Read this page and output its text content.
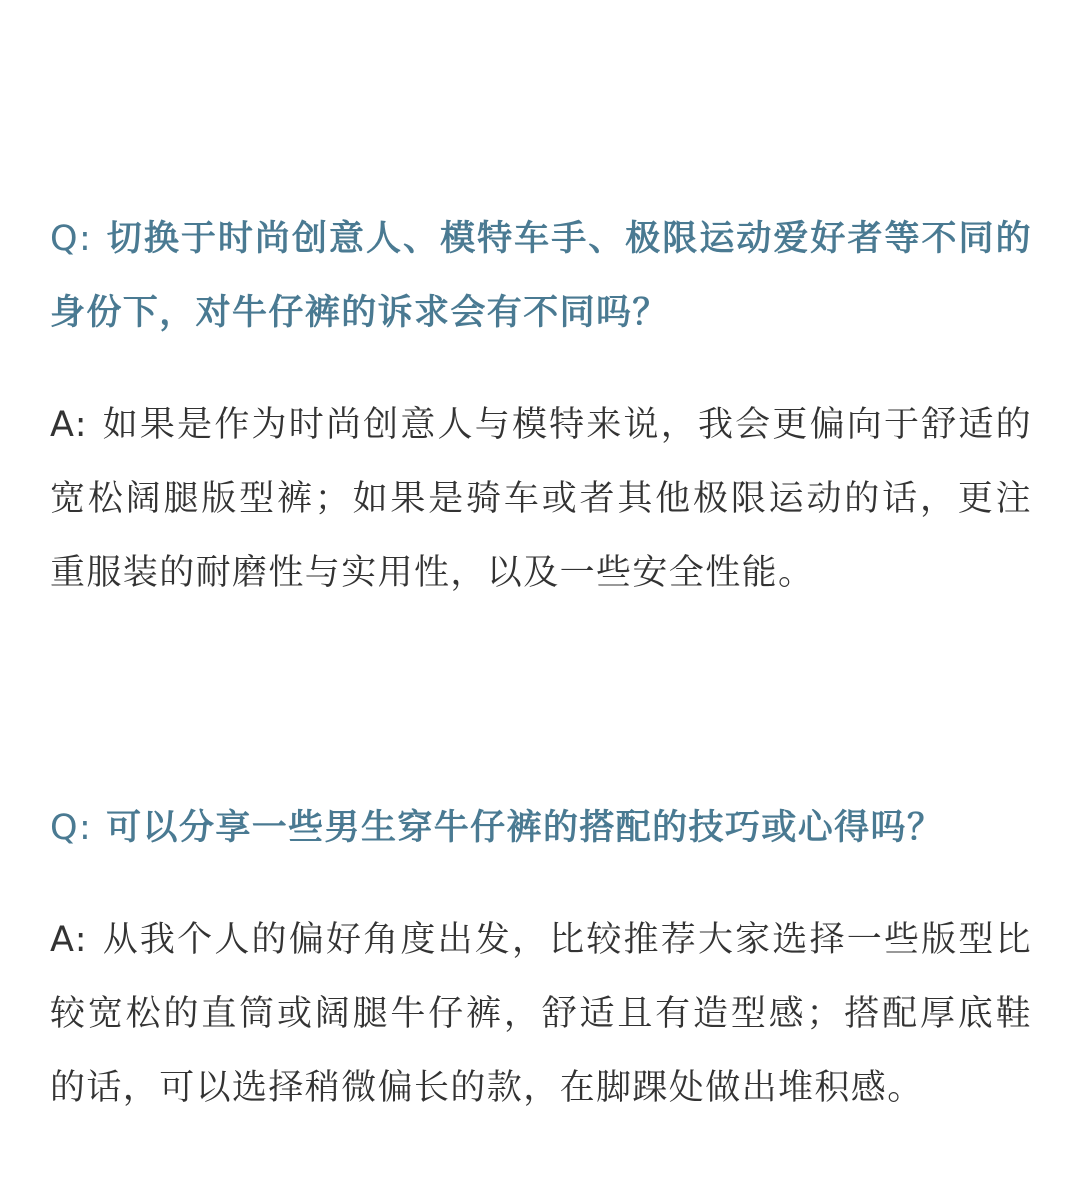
Q: 切换于时尚创意人、模特车手、极限运动爱好者等不同的身份下，对牛仔裤的诉求会有不同吗？

A: 如果是作为时尚创意人与模特来说，我会更偏向于舒适的宽松阔腿版型裤；如果是骑车或者其他极限运动的话，更注重服装的耐磨性与实用性，以及一些安全性能。

Q: 可以分享一些男生穿牛仔裤的搭配的技巧或心得吗？

A: 从我个人的偏好角度出发，比较推荐大家选择一些版型比较宽松的直筒或阔腿牛仔裤，舒适且有造型感；搭配厚底鞋的话，可以选择稍微偏长的款，在脚踝处做出堆积感。
